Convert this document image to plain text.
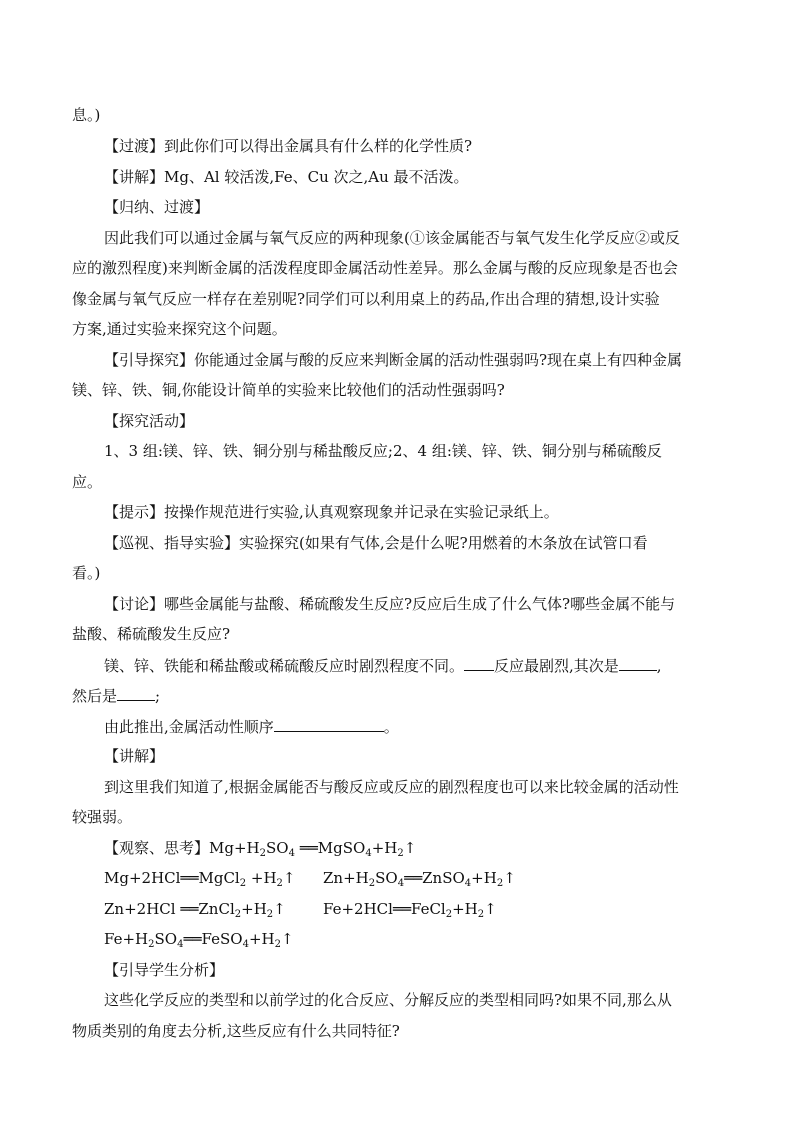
息。)
【过渡】到此你们可以得出金属具有什么样的化学性质?
【讲解】Mg、Al 较活泼,Fe、Cu 次之,Au 最不活泼。
【归纳、过渡】
因此我们可以通过金属与氧气反应的两种现象(①该金属能否与氧气发生化学反应②或反
应的激烈程度)来判断金属的活泼程度即金属活动性差异。那么金属与酸的反应现象是否也会
像金属与氧气反应一样存在差别呢?同学们可以利用桌上的药品,作出合理的猜想,设计实验
方案,通过实验来探究这个问题。
【引导探究】你能通过金属与酸的反应来判断金属的活动性强弱吗?现在桌上有四种金属
镁、锌、铁、铜,你能设计简单的实验来比较他们的活动性强弱吗?
【探究活动】
1、3 组:镁、锌、铁、铜分别与稀盐酸反应;2、4 组:镁、锌、铁、铜分别与稀硫酸反
应。
【提示】按操作规范进行实验,认真观察现象并记录在实验记录纸上。
【巡视、指导实验】实验探究(如果有气体,会是什么呢?用燃着的木条放在试管口看
看。)
【讨论】哪些金属能与盐酸、稀硫酸发生反应?反应后生成了什么气体?哪些金属不能与
盐酸、稀硫酸发生反应?
镁、锌、铁能和稀盐酸或稀硫酸反应时剧烈程度不同。 反应最剧烈,其次是	,
然后是	;
由此推出,金属活动性顺序	。
【讲解】
到这里我们知道了,根据金属能否与酸反应或反应的剧烈程度也可以来比较金属的活动性
较强弱。
【观察、思考】$Mg+H_2SO_4$ $══MgSO_4+H_2↑$
Mg+2HCl══MgCl$_2$ $+H_2↑$ $Zn+H_2SO_4══ZnSO_4+H_2↑$
Zn+2HCl $══ZnCl_2+H_2↑$ $Fe+2HCl══FeCl_2+H_2↑$
$Fe+H_2SO_4══FeSO_4+H_2↑$
【引导学生分析】
这些化学反应的类型和以前学过的化合反应、分解反应的类型相同吗?如果不同,那么从
物质类别的角度去分析,这些反应有什么共同特征?
